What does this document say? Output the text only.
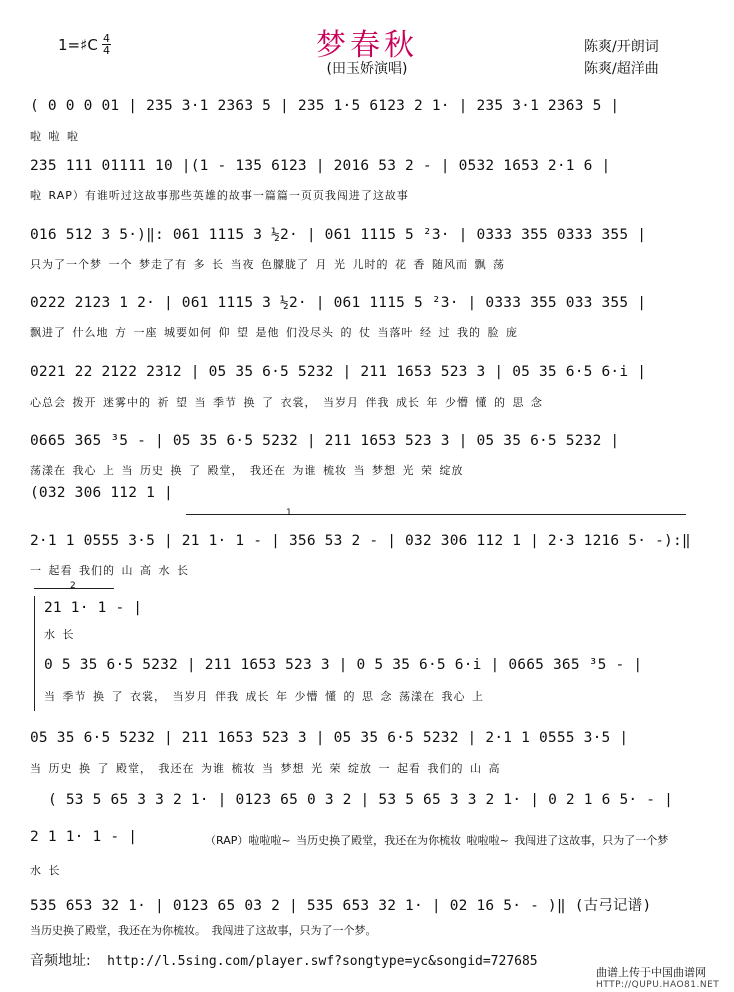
梦春秋
(田玉娇演唱)
1=♯C 4
4	陈爽/开朗词
陈爽/超洋曲
( 0 0 0 01 | 235 3·1 2363 5 | 235 1·5 6123 2 1· | 235 3·1 2363 5 |
啦 啦 啦
235 111 01111 10 |(1 - 135 6123 | 2016 53 2 - | 0532 1653 2·1 6 |
啦 RAP）有谁听过这故事那些英雄的故事一篇篇一页页我闯进了这故事
016 512 3 5·)‖: 061 1115 3 ½2· | 061 1115 5 ²3· | 0333 355 0333 355 |
只为了一个梦 一个 梦走了有 多 长 当夜 色朦胧了 月 光 儿时的 花 香 随风而 飘 荡
0222 2123 1 2· | 061 1115 3 ½2· | 061 1115 5 ²3· | 0333 355 033 355 |
飘进了 什么地 方 一座 城要如何 仰 望 是他 们没尽头 的 仗 当落叶 经 过 我的 脸 庞
0221 22 2122 2312 | 05 35 6·5 5232 | 211 1653 523 3 | 05 35 6·5 6·i |
心总会 拨开 迷雾中的 祈 望 当 季节 换 了 衣裳， 当岁月 伴我 成长 年 少懵 懂 的 思 念
0665 365 ³5 - | 05 35 6·5 5232 | 211 1653 523 3 | 05 35 6·5 5232 |
荡漾在 我心 上 当 历史 换 了 殿堂， 我还在 为谁 梳妆 当 梦想 光 荣 绽放
(032 306 112 1 |
1
2·1 1 0555 3·5 | 21 1· 1 - | 356 53 2 - | 032 306 112 1 | 2·3 1216 5· -):‖
一 起看 我们的 山 高 水 长
2
21 1· 1 - |
水 长
0 5 35 6·5 5232 | 211 1653 523 3 | 0 5 35 6·5 6·i | 0665 365 ³5 - |
当 季节 换 了 衣裳， 当岁月 伴我 成长 年 少懵 懂 的 思 念 荡漾在 我心 上
05 35 6·5 5232 | 211 1653 523 3 | 05 35 6·5 5232 | 2·1 1 0555 3·5 |
当 历史 换 了 殿堂， 我还在 为谁 梳妆 当 梦想 光 荣 绽放 一 起看 我们的 山 高
( 53 5 65 3 3 2 1· | 0123 65 0 3 2 | 53 5 65 3 3 2 1· | 0 2 1 6 5· - |
2 1 1· 1 - |	（RAP）啦啦啦~ 当历史换了殿堂，我还在为你梳妆 啦啦啦~ 我闯进了这故事，只为了一个梦
水 长
535 653 32 1· | 0123 65 03 2 | 535 653 32 1· | 02 16 5· - )‖ (古弓记谱)
当历史换了殿堂，我还在为你梳妆。 我闯进了这故事，只为了一个梦。
音频地址: http://l.5sing.com/player.swf?songtype=yc&songid=727685
曲谱上传于中国曲谱网
HTTP://QUPU.HAO81.NET
